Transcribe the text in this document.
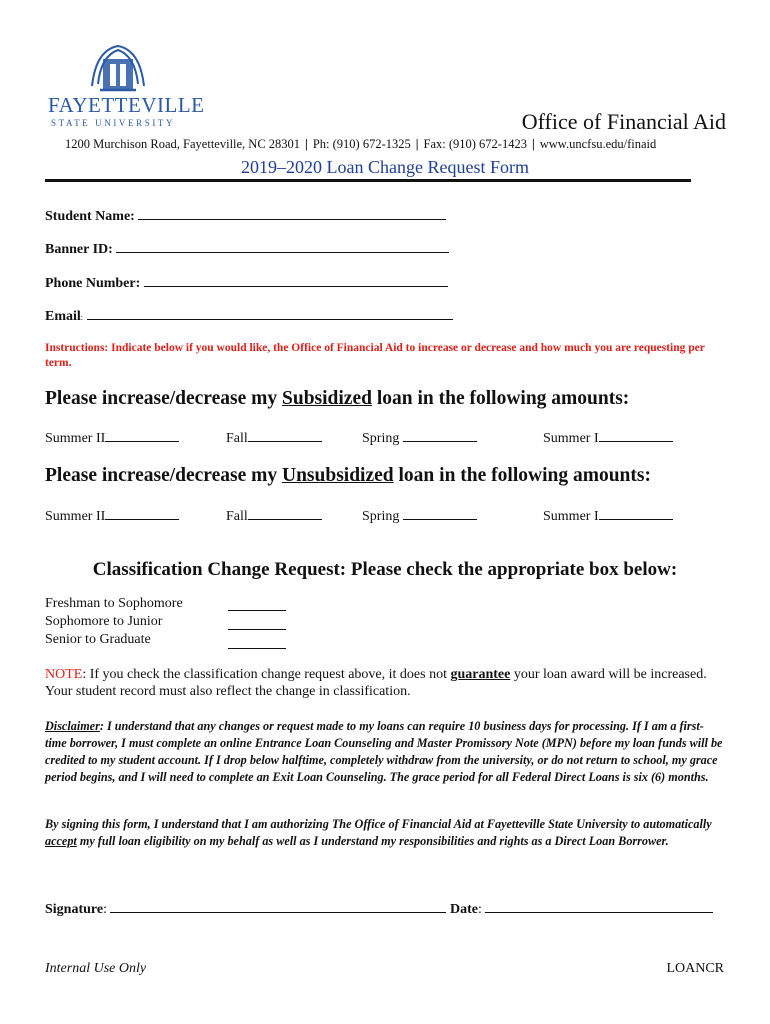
FAYETTEVILLE
STATE UNIVERSITY	Office of Financial Aid
1200 Murchison Road, Fayetteville, NC 28301 | Ph: (910) 672-1325 | Fax: (910) 672-1423 | www.uncfsu.edu/finaid
2019–2020 Loan Change Request Form
Student Name:
Banner ID:
Phone Number:
Email:
Instructions: Indicate below if you would like, the Office of Financial Aid to increase or decrease and how much you are requesting per term.
Please increase/decrease my Subsidized loan in the following amounts:
Summer II	Fall	Spring	Summer I
Please increase/decrease my Unsubsidized loan in the following amounts:
Summer II	Fall	Spring	Summer I
Classification Change Request: Please check the appropriate box below:
Freshman to Sophomore
Sophomore to Junior
Senior to Graduate
NOTE: If you check the classification change request above, it does not guarantee your loan award will be increased. Your student record must also reflect the change in classification.
Disclaimer: I understand that any changes or request made to my loans can require 10 business days for processing. If I am a first-time borrower, I must complete an online Entrance Loan Counseling and Master Promissory Note (MPN) before my loan funds will be credited to my student account. If I drop below halftime, completely withdraw from the university, or do not return to school, my grace period begins, and I will need to complete an Exit Loan Counseling. The grace period for all Federal Direct Loans is six (6) months.
By signing this form, I understand that I am authorizing The Office of Financial Aid at Fayetteville State University to automatically accept my full loan eligibility on my behalf as well as I understand my responsibilities and rights as a Direct Loan Borrower.
Signature:	Date:
Internal Use Only	LOANCR
